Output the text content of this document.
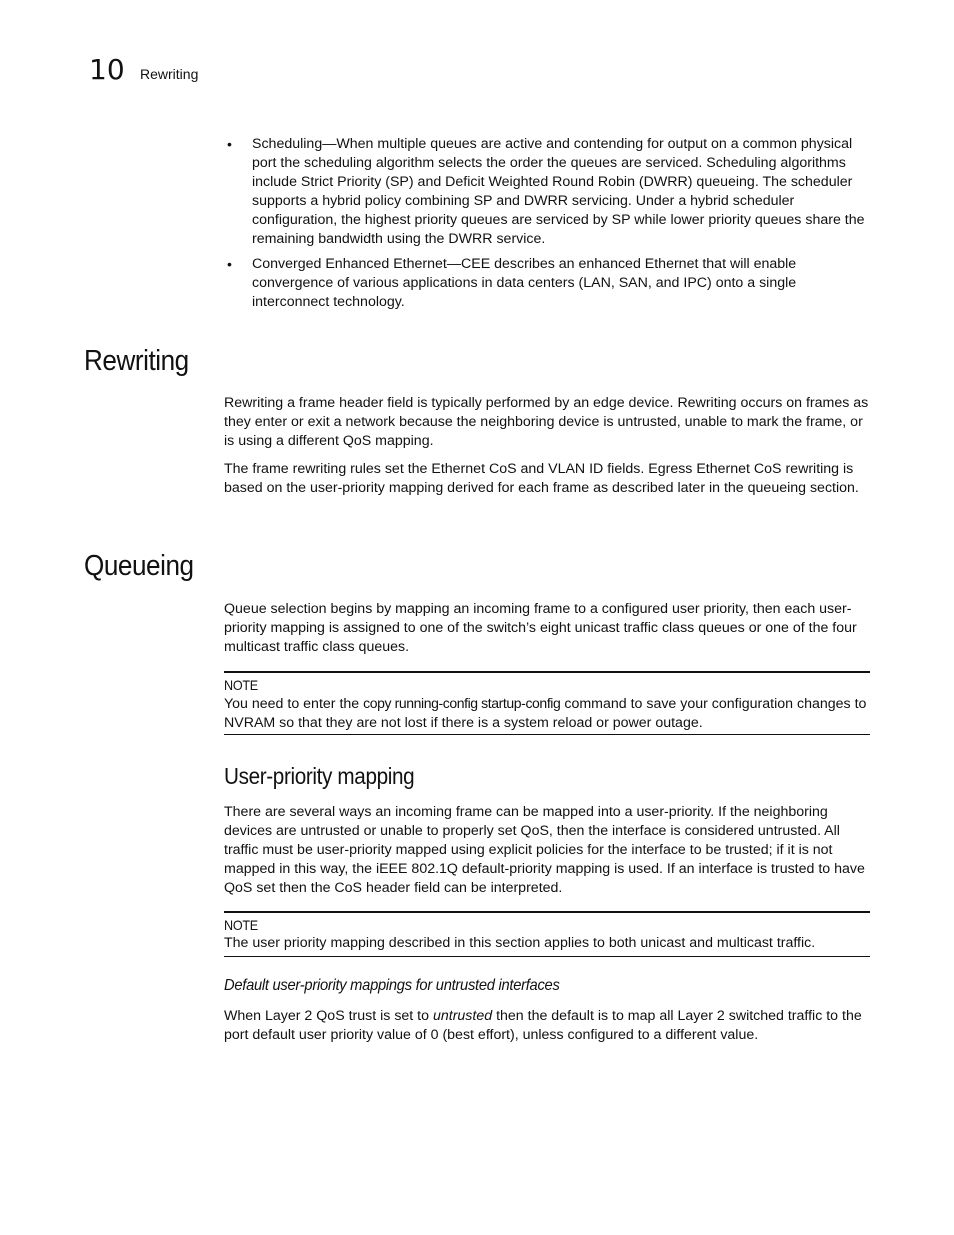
10 Rewriting
• Scheduling—When multiple queues are active and contending for output on a common physical port the scheduling algorithm selects the order the queues are serviced. Scheduling algorithms include Strict Priority (SP) and Deficit Weighted Round Robin (DWRR) queueing. The scheduler supports a hybrid policy combining SP and DWRR servicing. Under a hybrid scheduler configuration, the highest priority queues are serviced by SP while lower priority queues share the remaining bandwidth using the DWRR service.
• Converged Enhanced Ethernet—CEE describes an enhanced Ethernet that will enable convergence of various applications in data centers (LAN, SAN, and IPC) onto a single interconnect technology.
Rewriting

Rewriting a frame header field is typically performed by an edge device. Rewriting occurs on frames as they enter or exit a network because the neighboring device is untrusted, unable to mark the frame, or is using a different QoS mapping.

The frame rewriting rules set the Ethernet CoS and VLAN ID fields. Egress Ethernet CoS rewriting is based on the user-priority mapping derived for each frame as described later in the queueing section.

Queueing

Queue selection begins by mapping an incoming frame to a configured user priority, then each user-priority mapping is assigned to one of the switch’s eight unicast traffic class queues or one of the four multicast traffic class queues.

NOTE

You need to enter the copy running-config startup-config command to save your configuration changes to NVRAM so that they are not lost if there is a system reload or power outage.

User-priority mapping

There are several ways an incoming frame can be mapped into a user-priority. If the neighboring devices are untrusted or unable to properly set QoS, then the interface is considered untrusted. All traffic must be user-priority mapped using explicit policies for the interface to be trusted; if it is not mapped in this way, the iEEE 802.1Q default-priority mapping is used. If an interface is trusted to have QoS set then the CoS header field can be interpreted.

NOTE

The user priority mapping described in this section applies to both unicast and multicast traffic.

Default user-priority mappings for untrusted interfaces

When Layer 2 QoS trust is set to untrusted then the default is to map all Layer 2 switched traffic to the port default user priority value of 0 (best effort), unless configured to a different value.
